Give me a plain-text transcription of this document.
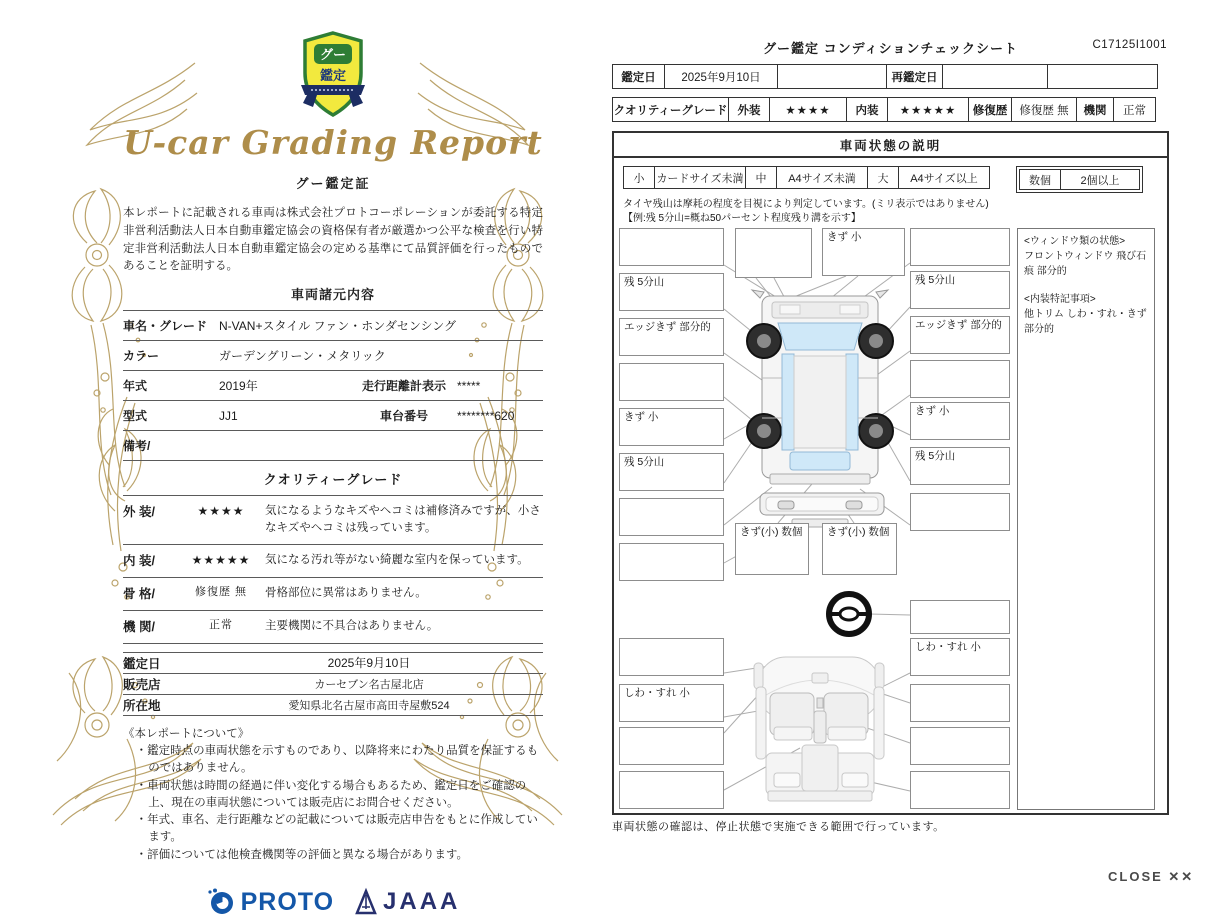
グー
鑑定
U-car Grading Report
グー鑑定証

本レポートに記載される車両は株式会社プロトコーポレーションが委託する特定非営利活動法人日本自動車鑑定協会の資格保有者が厳選かつ公平な検査を行い特定非営利活動法人日本自動車鑑定協会の定める基準にて品質評価を行ったものであることを証明する。

車両諸元内容
車名・グレード N-VAN+スタイル ファン・ホンダセンシング
カラー	ガーデングリーン・メタリック
年式	2019年	走行距離計表示 *****
型式	JJ1	車台番号	********620
備考/
クオリティーグレード
外 装/	★★★★	気になるようなキズやヘコミは補修済みですが、小さなキズやヘコミは残っています。
内 装/	★★★★★	気になる汚れ等がない綺麗な室内を保っています。
骨 格/	修復歴 無	骨格部位に異常はありません。
機 関/	正常	主要機関に不具合はありません。
鑑定日	2025年9月10日
販売店	カーセブン名古屋北店
所在地	愛知県北名古屋市高田寺屋敷524
《本レポートについて》
・ 鑑定時点の車両状態を示すものであり、以降将来にわたり品質を保証するものではありません。
・ 車両状態は時間の経過に伴い変化する場合もあるため、鑑定日をご確認の上、現在の車両状態については販売店にお問合せください。
・ 年式、車名、走行距離などの記載については販売店申告をもとに作成しています。
・ 評価については他検査機関等の評価と異なる場合があります。
PROTO JAAA
グー鑑定 コンディションチェックシート	C17125I1001
鑑定日	2025年9月10日	再鑑定日
クオリティーグレード 外装	★★★★	内装	★★★★★	修復歴	修復歴 無	機関	正常
車両状態の説明
小	カードサイズ未満	中	A4サイズ未満	大	A4サイズ以上	数個	2個以上
タイヤ残山は摩耗の程度を目視により判定しています。(ミリ表示ではありません)
【例:残 5分山=概ね50パーセント程度残り溝を示す】
きず 小
残 5分山
エッジきず 部分的
きず 小
残 5分山
しわ・すれ 小
残 5分山
エッジきず 部分的
きず 小
残 5分山
しわ・すれ 小
きず(小) 数個	きず(小) 数個
<ウィンドウ類の状態>
フロントウィンドウ 飛び石痕 部分的
<内装特記事項>
他トリム しわ・すれ・きず 部分的
車両状態の確認は、停止状態で実施できる範囲で行っています。
CLOSE ✕✕
